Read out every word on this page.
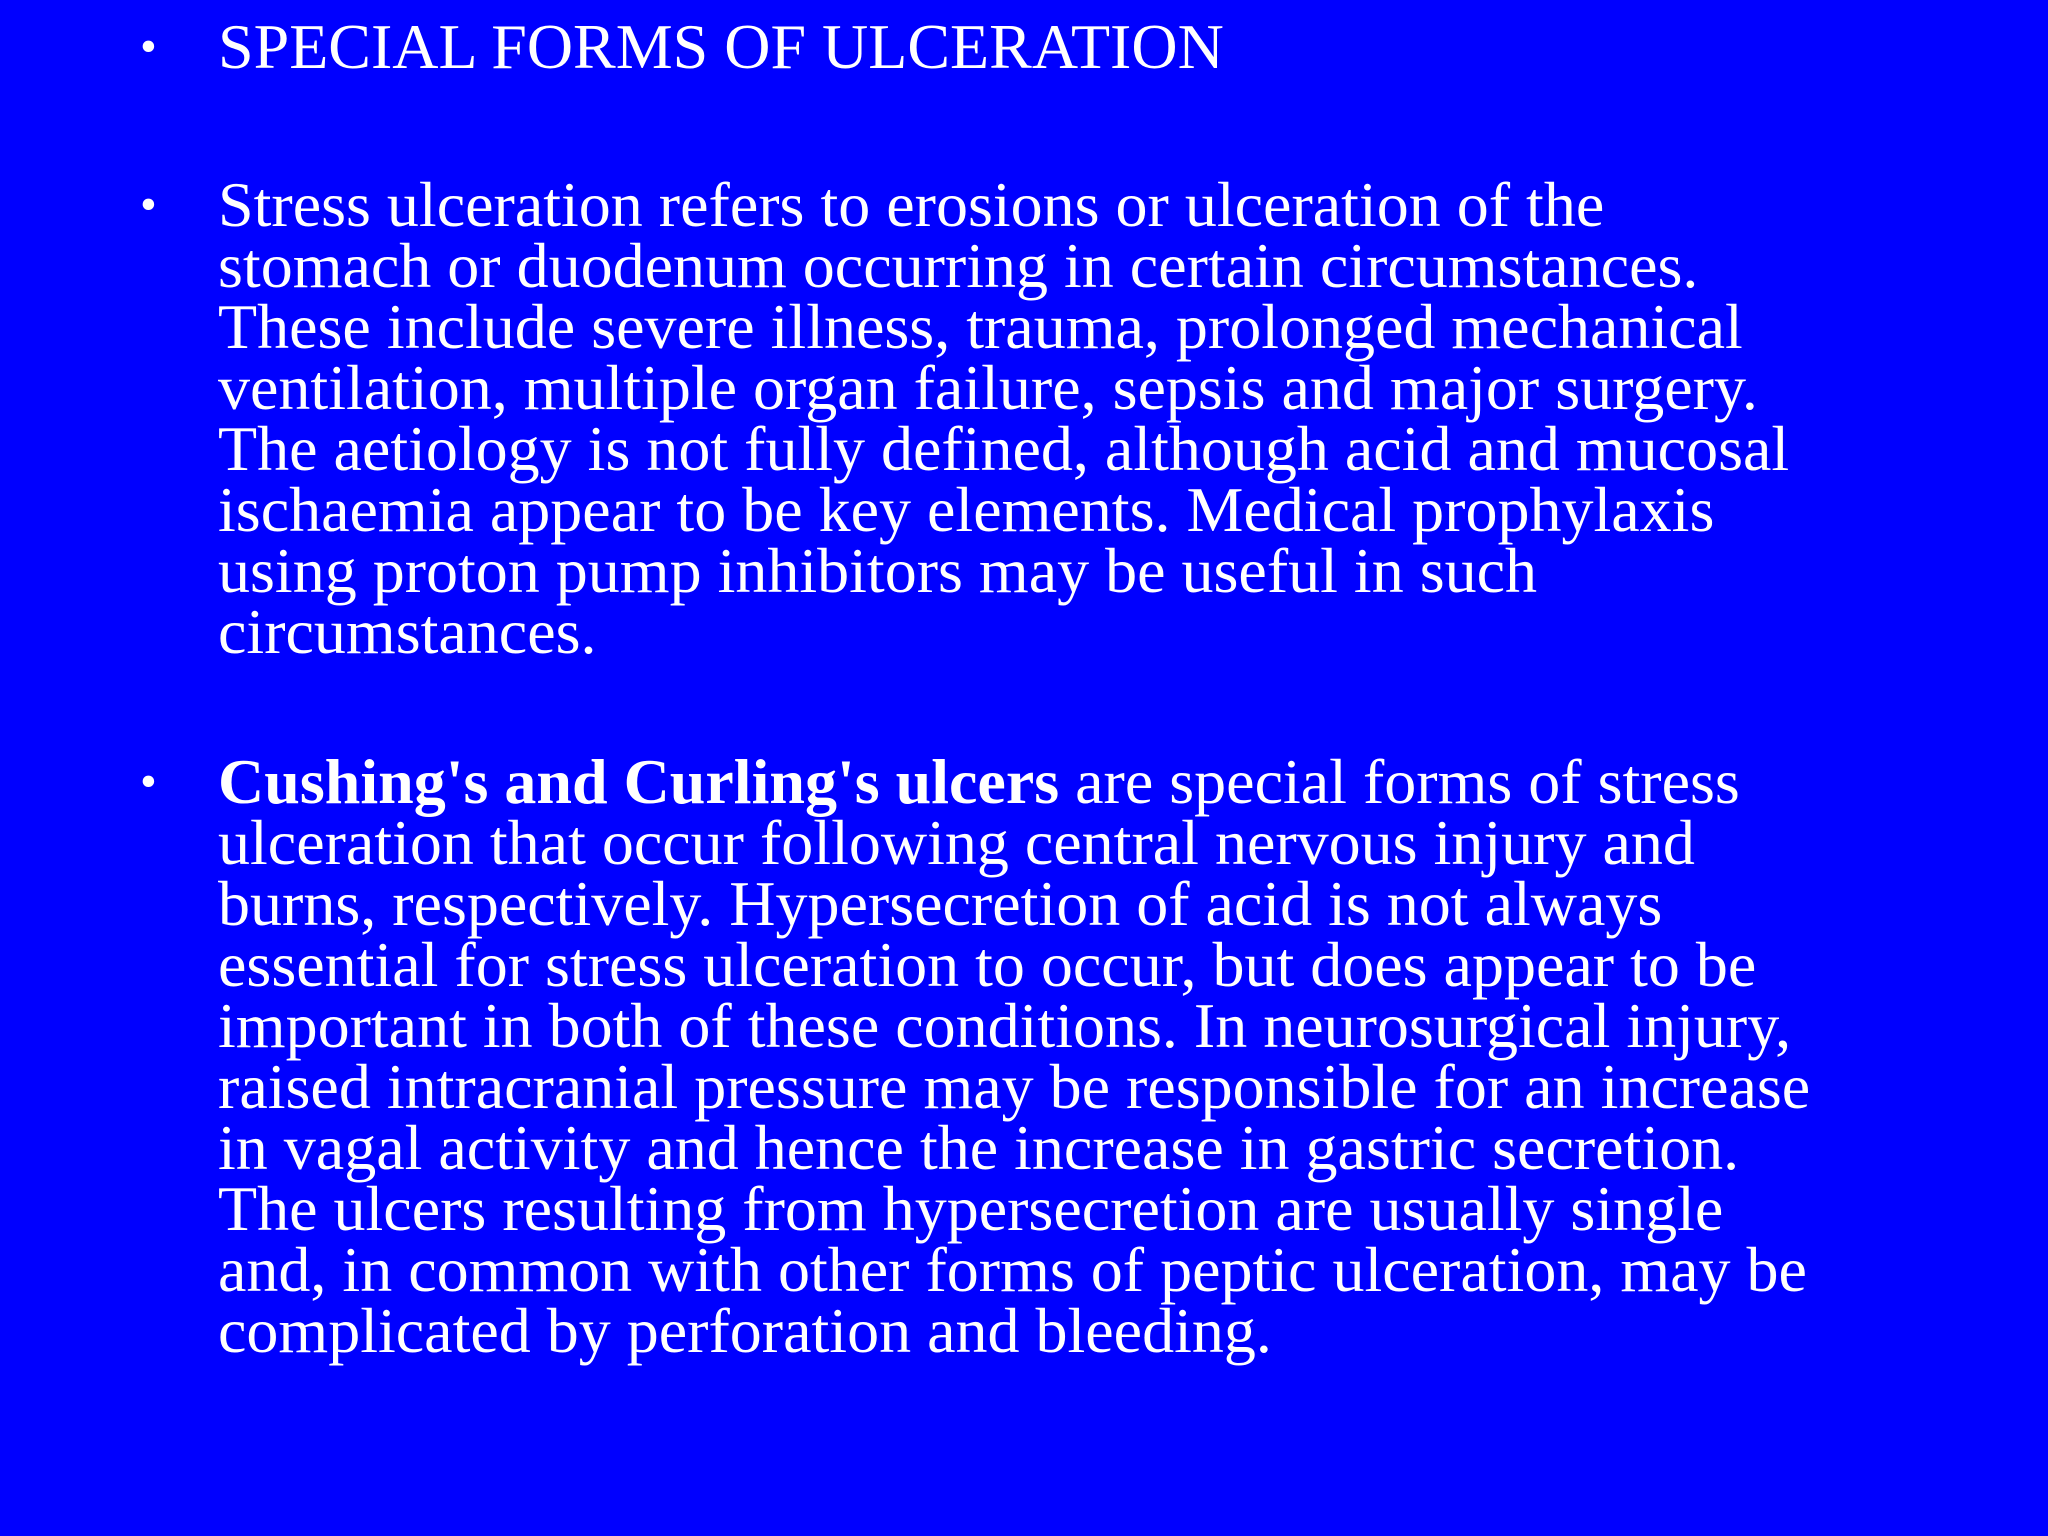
• SPECIAL FORMS OF ULCERATION

• Stress ulceration refers to erosions or ulceration of the
stomach or duodenum occurring in certain circumstances.
These include severe illness, trauma, prolonged mechanical
ventilation, multiple organ failure, sepsis and major surgery.
The aetiology is not fully defined, although acid and mucosal
ischaemia appear to be key elements. Medical prophylaxis
using proton pump inhibitors may be useful in such
circumstances.

• Cushing's and Curling's ulcers are special forms of stress
ulceration that occur following central nervous injury and
burns, respectively. Hypersecretion of acid is not always
essential for stress ulceration to occur, but does appear to be
important in both of these conditions. In neurosurgical injury,
raised intracranial pressure may be responsible for an increase
in vagal activity and hence the increase in gastric secretion.
The ulcers resulting from hypersecretion are usually single
and, in common with other forms of peptic ulceration, may be
complicated by perforation and bleeding.
